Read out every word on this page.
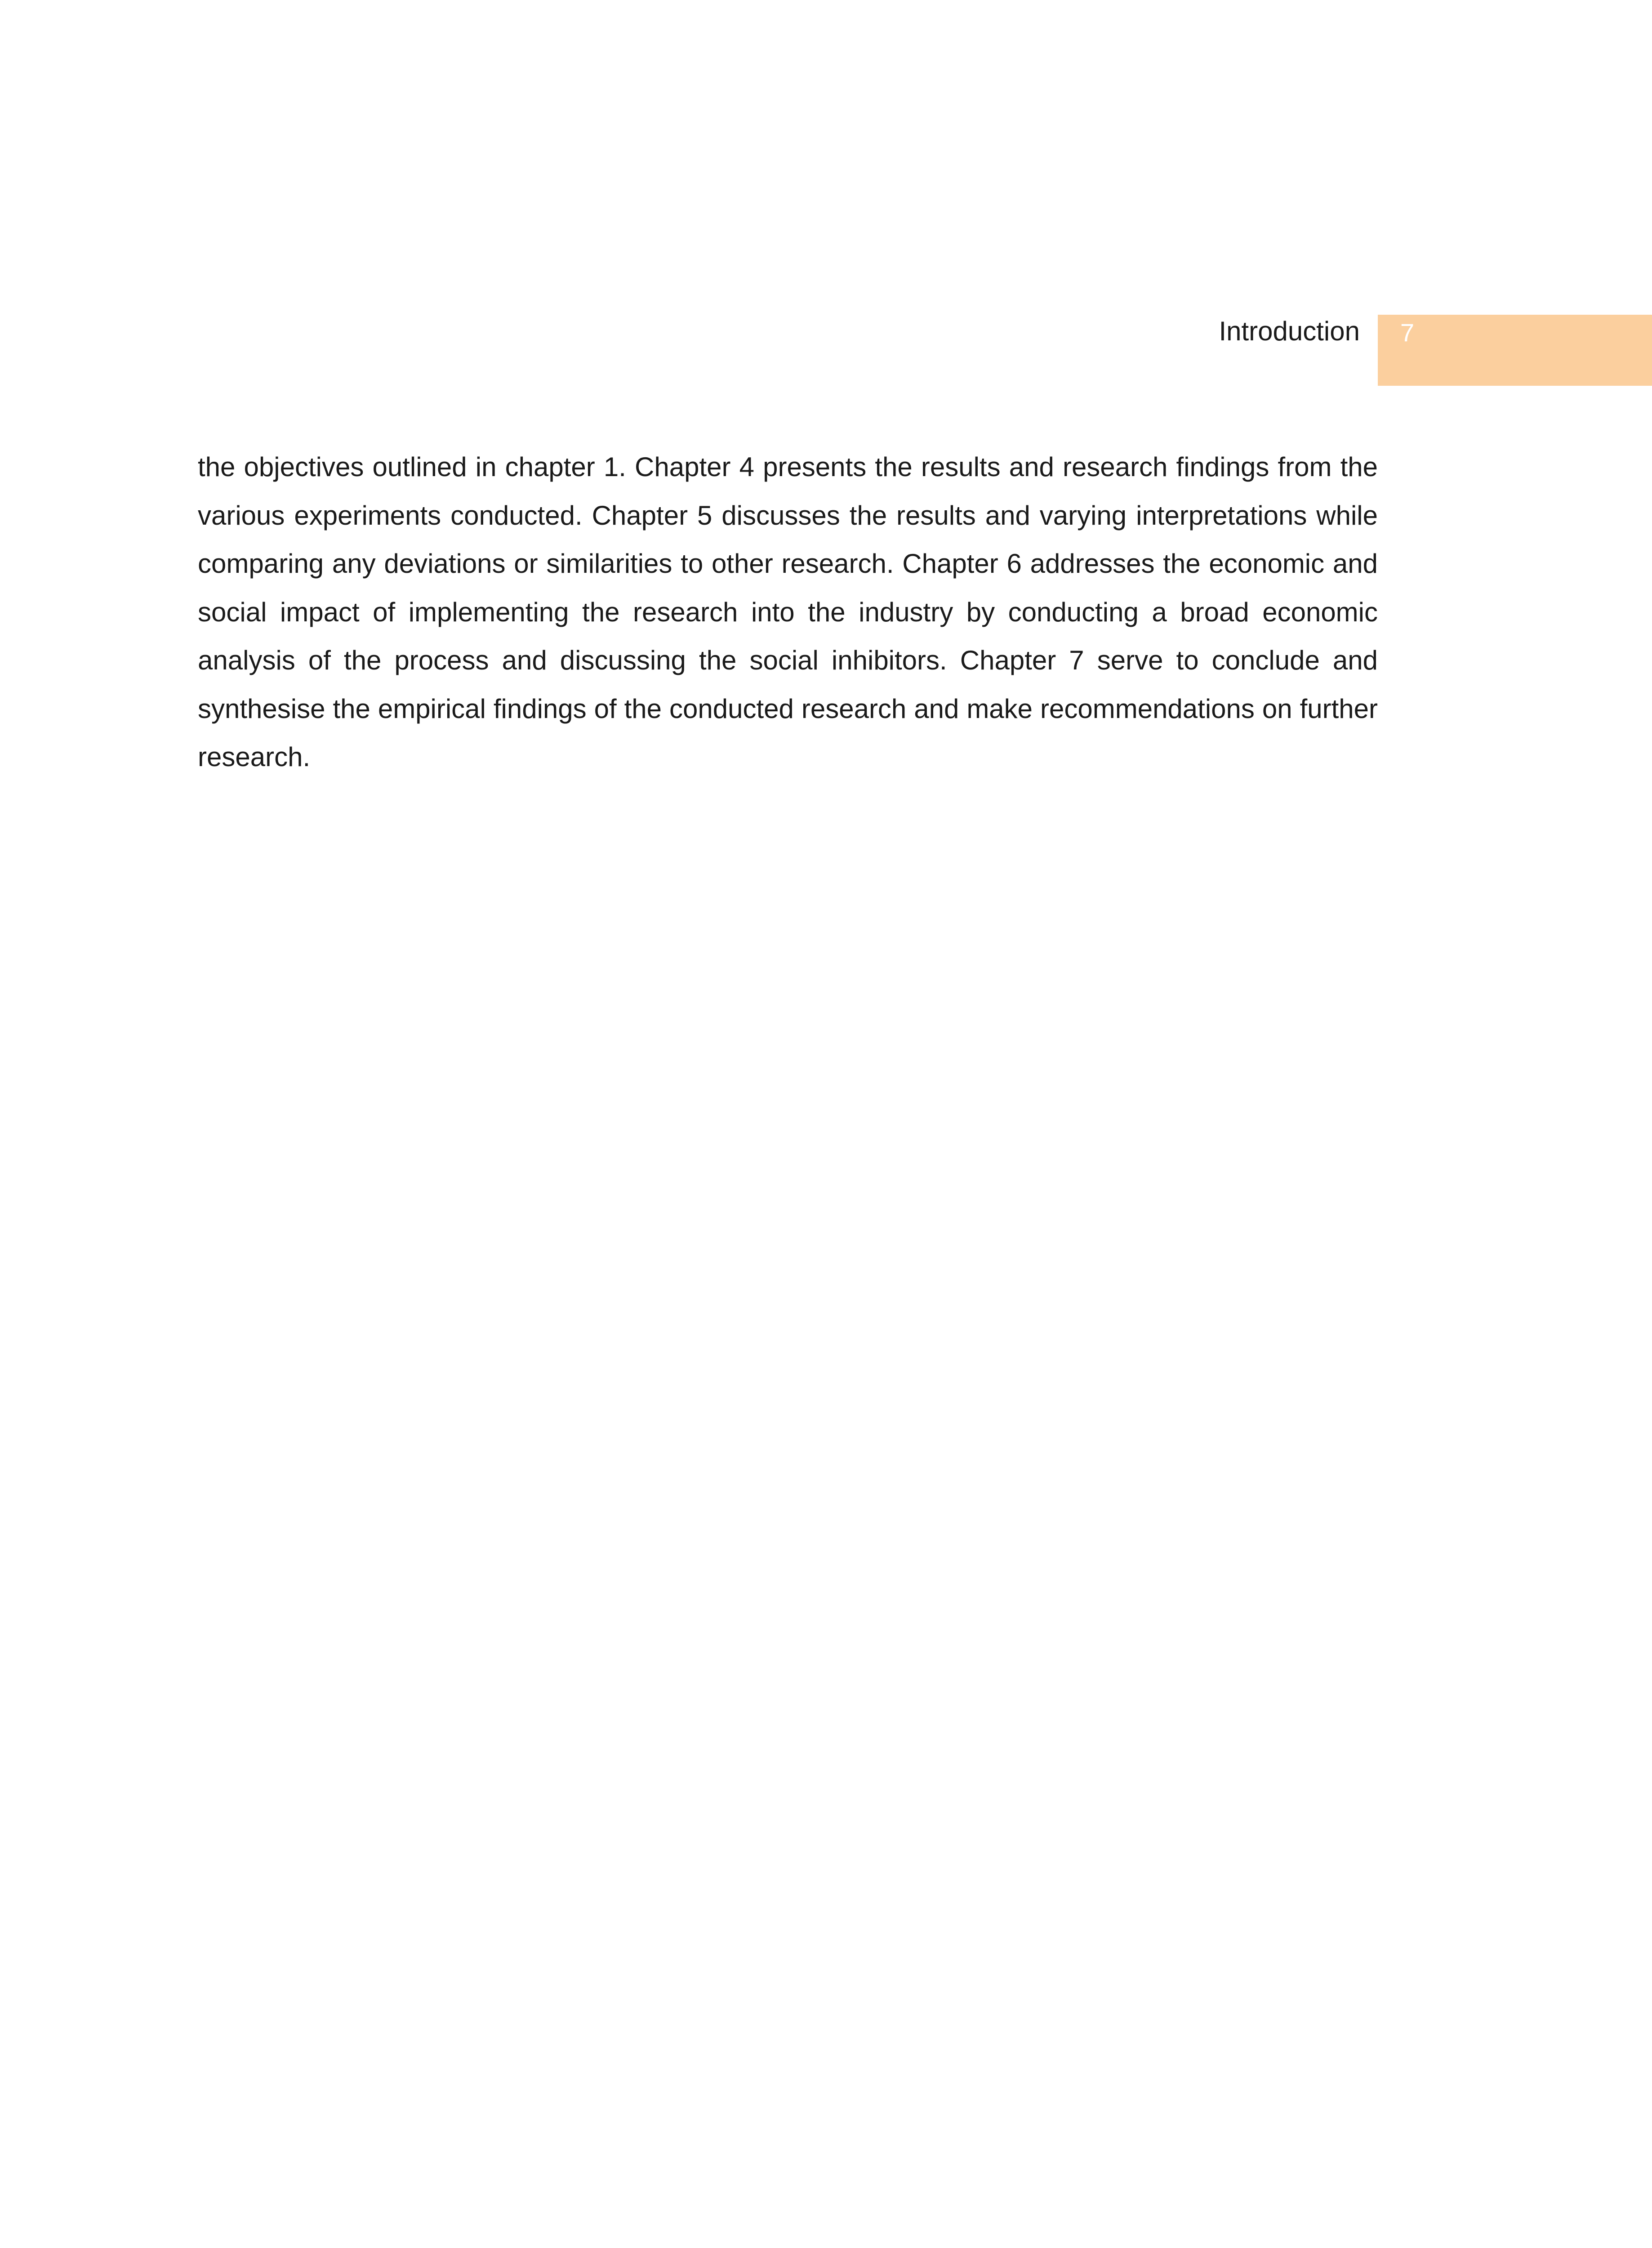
Introduction 7

the objectives outlined in chapter 1. Chapter 4 presents the results and research findings from the various experiments conducted. Chapter 5 discusses the results and varying interpretations while comparing any deviations or similarities to other research. Chapter 6 addresses the economic and social impact of implementing the research into the industry by conducting a broad economic analysis of the process and discussing the social inhibitors. Chapter 7 serve to conclude and synthesise the empirical findings of the conducted research and make recommendations on further research.
